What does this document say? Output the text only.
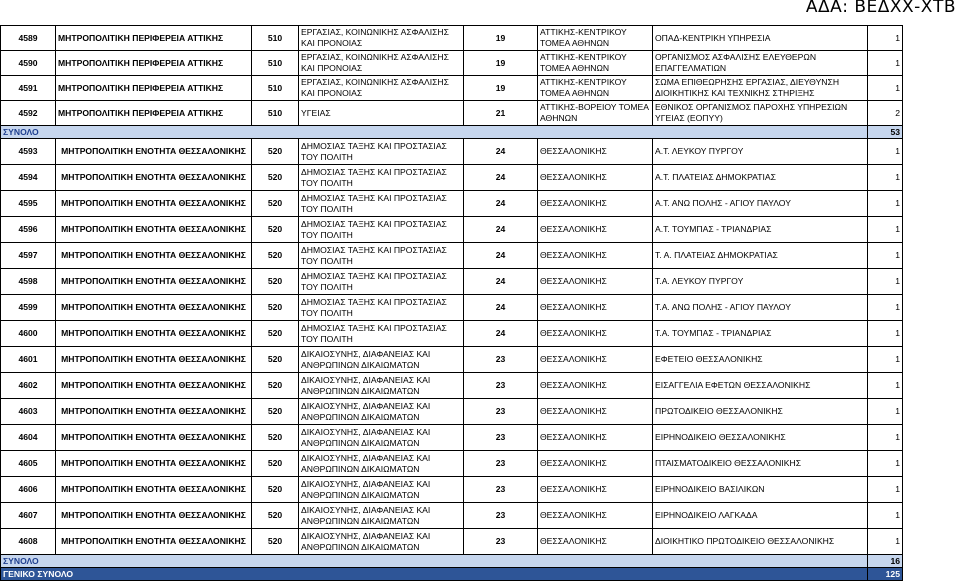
ΑΔΑ: ΒΕΔΧΧ-ΧΤΒ
4589	ΜΗΤΡΟΠΟΛΙΤΙΚΗ ΠΕΡΙΦΕΡΕΙΑ ΑΤΤΙΚΗΣ	510	ΕΡΓΑΣΙΑΣ, ΚΟΙΝΩΝΙΚΗΣ ΑΣΦΑΛΙΣΗΣ ΚΑΙ ΠΡΟΝΟΙΑΣ	19	ΑΤΤΙΚΗΣ-ΚΕΝΤΡΙΚΟΥ ΤΟΜΕΑ ΑΘΗΝΩΝ	ΟΠΑΔ-ΚΕΝΤΡΙΚΗ ΥΠΗΡΕΣΙΑ	1
4590	ΜΗΤΡΟΠΟΛΙΤΙΚΗ ΠΕΡΙΦΕΡΕΙΑ ΑΤΤΙΚΗΣ	510	ΕΡΓΑΣΙΑΣ, ΚΟΙΝΩΝΙΚΗΣ ΑΣΦΑΛΙΣΗΣ ΚΑΙ ΠΡΟΝΟΙΑΣ	19	ΑΤΤΙΚΗΣ-ΚΕΝΤΡΙΚΟΥ ΤΟΜΕΑ ΑΘΗΝΩΝ	ΟΡΓΑΝΙΣΜΟΣ ΑΣΦΑΛΙΣΗΣ ΕΛΕΥΘΕΡΩΝ ΕΠΑΓΓΕΛΜΑΤΙΩΝ	1
4591	ΜΗΤΡΟΠΟΛΙΤΙΚΗ ΠΕΡΙΦΕΡΕΙΑ ΑΤΤΙΚΗΣ	510	ΕΡΓΑΣΙΑΣ, ΚΟΙΝΩΝΙΚΗΣ ΑΣΦΑΛΙΣΗΣ ΚΑΙ ΠΡΟΝΟΙΑΣ	19	ΑΤΤΙΚΗΣ-ΚΕΝΤΡΙΚΟΥ ΤΟΜΕΑ ΑΘΗΝΩΝ	ΣΩΜΑ ΕΠΙΘΕΩΡΗΣΗΣ ΕΡΓΑΣΙΑΣ, ΔΙΕΥΘΥΝΣΗ ΔΙΟΙΚΗΤΙΚΗΣ ΚΑΙ ΤΕΧΝΙΚΗΣ ΣΤΗΡΙΞΗΣ	1
4592	ΜΗΤΡΟΠΟΛΙΤΙΚΗ ΠΕΡΙΦΕΡΕΙΑ ΑΤΤΙΚΗΣ	510	ΥΓΕΙΑΣ	21	ΑΤΤΙΚΗΣ-ΒΟΡΕΙΟΥ ΤΟΜΕΑ ΑΘΗΝΩΝ	ΕΘΝΙΚΟΣ ΟΡΓΑΝΙΣΜΟΣ ΠΑΡΟΧΗΣ ΥΠΗΡΕΣΙΩΝ ΥΓΕΙΑΣ (ΕΟΠΥΥ)	2
ΣΥΝΟΛΟ							53
4593	ΜΗΤΡΟΠΟΛΙΤΙΚΗ ΕΝΟΤΗΤΑ ΘΕΣΣΑΛΟΝΙΚΗΣ	520	ΔΗΜΟΣΙΑΣ ΤΑΞΗΣ ΚΑΙ ΠΡΟΣΤΑΣΙΑΣ ΤΟΥ ΠΟΛΙΤΗ	24	ΘΕΣΣΑΛΟΝΙΚΗΣ	Α.Τ. ΛΕΥΚΟΥ ΠΥΡΓΟΥ	1
4594	ΜΗΤΡΟΠΟΛΙΤΙΚΗ ΕΝΟΤΗΤΑ ΘΕΣΣΑΛΟΝΙΚΗΣ	520	ΔΗΜΟΣΙΑΣ ΤΑΞΗΣ ΚΑΙ ΠΡΟΣΤΑΣΙΑΣ ΤΟΥ ΠΟΛΙΤΗ	24	ΘΕΣΣΑΛΟΝΙΚΗΣ	Α.Τ. ΠΛΑΤΕΙΑΣ ΔΗΜΟΚΡΑΤΙΑΣ	1
4595	ΜΗΤΡΟΠΟΛΙΤΙΚΗ ΕΝΟΤΗΤΑ ΘΕΣΣΑΛΟΝΙΚΗΣ	520	ΔΗΜΟΣΙΑΣ ΤΑΞΗΣ ΚΑΙ ΠΡΟΣΤΑΣΙΑΣ ΤΟΥ ΠΟΛΙΤΗ	24	ΘΕΣΣΑΛΟΝΙΚΗΣ	Α.Τ. ΑΝΩ ΠΟΛΗΣ - ΑΓΙΟΥ ΠΑΥΛΟΥ	1
4596	ΜΗΤΡΟΠΟΛΙΤΙΚΗ ΕΝΟΤΗΤΑ ΘΕΣΣΑΛΟΝΙΚΗΣ	520	ΔΗΜΟΣΙΑΣ ΤΑΞΗΣ ΚΑΙ ΠΡΟΣΤΑΣΙΑΣ ΤΟΥ ΠΟΛΙΤΗ	24	ΘΕΣΣΑΛΟΝΙΚΗΣ	Α.Τ. ΤΟΥΜΠΑΣ - ΤΡΙΑΝΔΡΙΑΣ	1
4597	ΜΗΤΡΟΠΟΛΙΤΙΚΗ ΕΝΟΤΗΤΑ ΘΕΣΣΑΛΟΝΙΚΗΣ	520	ΔΗΜΟΣΙΑΣ ΤΑΞΗΣ ΚΑΙ ΠΡΟΣΤΑΣΙΑΣ ΤΟΥ ΠΟΛΙΤΗ	24	ΘΕΣΣΑΛΟΝΙΚΗΣ	Τ. Α. ΠΛΑΤΕΙΑΣ ΔΗΜΟΚΡΑΤΙΑΣ	1
4598	ΜΗΤΡΟΠΟΛΙΤΙΚΗ ΕΝΟΤΗΤΑ ΘΕΣΣΑΛΟΝΙΚΗΣ	520	ΔΗΜΟΣΙΑΣ ΤΑΞΗΣ ΚΑΙ ΠΡΟΣΤΑΣΙΑΣ ΤΟΥ ΠΟΛΙΤΗ	24	ΘΕΣΣΑΛΟΝΙΚΗΣ	Τ.Α. ΛΕΥΚΟΥ ΠΥΡΓΟΥ	1
4599	ΜΗΤΡΟΠΟΛΙΤΙΚΗ ΕΝΟΤΗΤΑ ΘΕΣΣΑΛΟΝΙΚΗΣ	520	ΔΗΜΟΣΙΑΣ ΤΑΞΗΣ ΚΑΙ ΠΡΟΣΤΑΣΙΑΣ ΤΟΥ ΠΟΛΙΤΗ	24	ΘΕΣΣΑΛΟΝΙΚΗΣ	Τ.Α. ΑΝΩ ΠΟΛΗΣ - ΑΓΙΟΥ ΠΑΥΛΟΥ	1
4600	ΜΗΤΡΟΠΟΛΙΤΙΚΗ ΕΝΟΤΗΤΑ ΘΕΣΣΑΛΟΝΙΚΗΣ	520	ΔΗΜΟΣΙΑΣ ΤΑΞΗΣ ΚΑΙ ΠΡΟΣΤΑΣΙΑΣ ΤΟΥ ΠΟΛΙΤΗ	24	ΘΕΣΣΑΛΟΝΙΚΗΣ	Τ.Α. ΤΟΥΜΠΑΣ - ΤΡΙΑΝΔΡΙΑΣ	1
4601	ΜΗΤΡΟΠΟΛΙΤΙΚΗ ΕΝΟΤΗΤΑ ΘΕΣΣΑΛΟΝΙΚΗΣ	520	ΔΙΚΑΙΟΣΥΝΗΣ, ΔΙΑΦΑΝΕΙΑΣ ΚΑΙ ΑΝΘΡΩΠΙΝΩΝ ΔΙΚΑΙΩΜΑΤΩΝ	23	ΘΕΣΣΑΛΟΝΙΚΗΣ	ΕΦΕΤΕΙΟ ΘΕΣΣΑΛΟΝΙΚΗΣ	1
4602	ΜΗΤΡΟΠΟΛΙΤΙΚΗ ΕΝΟΤΗΤΑ ΘΕΣΣΑΛΟΝΙΚΗΣ	520	ΔΙΚΑΙΟΣΥΝΗΣ, ΔΙΑΦΑΝΕΙΑΣ ΚΑΙ ΑΝΘΡΩΠΙΝΩΝ ΔΙΚΑΙΩΜΑΤΩΝ	23	ΘΕΣΣΑΛΟΝΙΚΗΣ	ΕΙΣΑΓΓΕΛΙΑ ΕΦΕΤΩΝ ΘΕΣΣΑΛΟΝΙΚΗΣ	1
4603	ΜΗΤΡΟΠΟΛΙΤΙΚΗ ΕΝΟΤΗΤΑ ΘΕΣΣΑΛΟΝΙΚΗΣ	520	ΔΙΚΑΙΟΣΥΝΗΣ, ΔΙΑΦΑΝΕΙΑΣ ΚΑΙ ΑΝΘΡΩΠΙΝΩΝ ΔΙΚΑΙΩΜΑΤΩΝ	23	ΘΕΣΣΑΛΟΝΙΚΗΣ	ΠΡΩΤΟΔΙΚΕΙΟ ΘΕΣΣΑΛΟΝΙΚΗΣ	1
4604	ΜΗΤΡΟΠΟΛΙΤΙΚΗ ΕΝΟΤΗΤΑ ΘΕΣΣΑΛΟΝΙΚΗΣ	520	ΔΙΚΑΙΟΣΥΝΗΣ, ΔΙΑΦΑΝΕΙΑΣ ΚΑΙ ΑΝΘΡΩΠΙΝΩΝ ΔΙΚΑΙΩΜΑΤΩΝ	23	ΘΕΣΣΑΛΟΝΙΚΗΣ	ΕΙΡΗΝΟΔΙΚΕΙΟ ΘΕΣΣΑΛΟΝΙΚΗΣ	1
4605	ΜΗΤΡΟΠΟΛΙΤΙΚΗ ΕΝΟΤΗΤΑ ΘΕΣΣΑΛΟΝΙΚΗΣ	520	ΔΙΚΑΙΟΣΥΝΗΣ, ΔΙΑΦΑΝΕΙΑΣ ΚΑΙ ΑΝΘΡΩΠΙΝΩΝ ΔΙΚΑΙΩΜΑΤΩΝ	23	ΘΕΣΣΑΛΟΝΙΚΗΣ	ΠΤΑΙΣΜΑΤΟΔΙΚΕΙΟ ΘΕΣΣΑΛΟΝΙΚΗΣ	1
4606	ΜΗΤΡΟΠΟΛΙΤΙΚΗ ΕΝΟΤΗΤΑ ΘΕΣΣΑΛΟΝΙΚΗΣ	520	ΔΙΚΑΙΟΣΥΝΗΣ, ΔΙΑΦΑΝΕΙΑΣ ΚΑΙ ΑΝΘΡΩΠΙΝΩΝ ΔΙΚΑΙΩΜΑΤΩΝ	23	ΘΕΣΣΑΛΟΝΙΚΗΣ	ΕΙΡΗΝΟΔΙΚΕΙΟ ΒΑΣΙΛΙΚΩΝ	1
4607	ΜΗΤΡΟΠΟΛΙΤΙΚΗ ΕΝΟΤΗΤΑ ΘΕΣΣΑΛΟΝΙΚΗΣ	520	ΔΙΚΑΙΟΣΥΝΗΣ, ΔΙΑΦΑΝΕΙΑΣ ΚΑΙ ΑΝΘΡΩΠΙΝΩΝ ΔΙΚΑΙΩΜΑΤΩΝ	23	ΘΕΣΣΑΛΟΝΙΚΗΣ	ΕΙΡΗΝΟΔΙΚΕΙΟ ΛΑΓΚΑΔΑ	1
4608	ΜΗΤΡΟΠΟΛΙΤΙΚΗ ΕΝΟΤΗΤΑ ΘΕΣΣΑΛΟΝΙΚΗΣ	520	ΔΙΚΑΙΟΣΥΝΗΣ, ΔΙΑΦΑΝΕΙΑΣ ΚΑΙ ΑΝΘΡΩΠΙΝΩΝ ΔΙΚΑΙΩΜΑΤΩΝ	23	ΘΕΣΣΑΛΟΝΙΚΗΣ	ΔΙΟΙΚΗΤΙΚΟ ΠΡΩΤΟΔΙΚΕΙΟ ΘΕΣΣΑΛΟΝΙΚΗΣ	1
ΣΥΝΟΛΟ							16
ΓΕΝΙΚΟ ΣΥΝΟΛΟ							125
